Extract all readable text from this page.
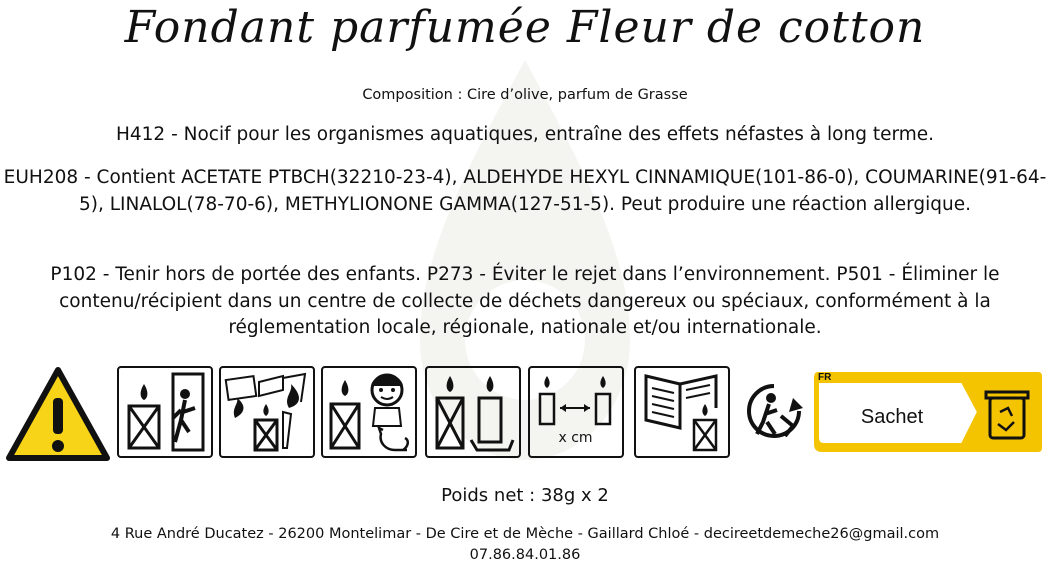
Fondant parfumée Fleur de cotton
Composition : Cire d’olive, parfum de Grasse
H412 - Nocif pour les organismes aquatiques, entraîne des effets néfastes à long terme.
EUH208 - Contient ACETATE PTBCH(32210-23-4), ALDEHYDE HEXYL CINNAMIQUE(101-86-0), COUMARINE(91-64-5), LINALOL(78-70-6), METHYLIONONE GAMMA(127-51-5). Peut produire une réaction allergique.
P102 - Tenir hors de portée des enfants. P273 - Éviter le rejet dans l’environnement. P501 - Éliminer le contenu/récipient dans un centre de collecte de déchets dangereux ou spéciaux, conformément à la réglementation locale, régionale, nationale et/ou internationale.
x cm
FR
Sachet
Poids net : 38g x 2
4 Rue André Ducatez - 26200 Montelimar - De Cire et de Mèche - Gaillard Chloé - decireetdemeche26@gmail.com
07.86.84.01.86
